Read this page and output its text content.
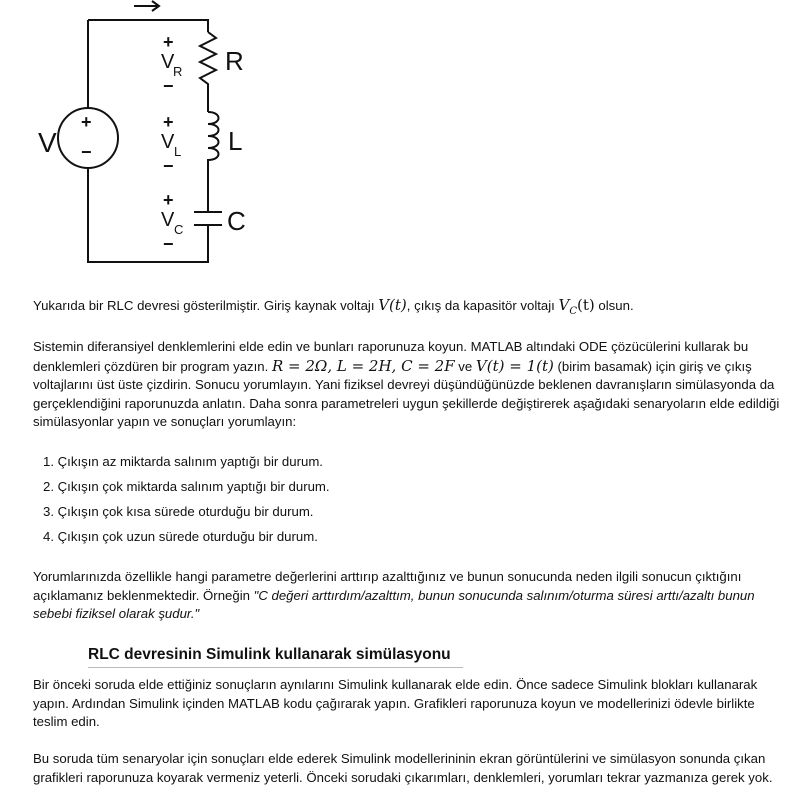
V
+
−
R
L
C
+
V
R
−
+
V L
−
+
V C
−

Yukarıda bir RLC devresi gösterilmiştir. Giriş kaynak voltajı V(t), çıkış da kapasitör voltajı $V_C(t)$ olsun.

Sistemin diferansiyel denklemlerini elde edin ve bunları raporunuza koyun. MATLAB altındaki ODE çözücülerini kullarak bu denklemleri çözdüren bir program yazın. R = 2Ω, L = 2H, C = 2F ve V(t) = 1(t) (birim basamak) için giriş ve çıkış voltajlarını üst üste çizdirin. Sonucu yorumlayın. Yani fiziksel devreyi düşündüğünüzde beklenen davranışların simülasyonda da gerçeklendiğini raporunuzda anlatın. Daha sonra parametreleri uygun şekillerde değiştirerek aşağıdaki senaryoların elde edildiği simülasyonlar yapın ve sonuçları yorumlayın:

1. Çıkışın az miktarda salınım yaptığı bir durum.
2. Çıkışın çok miktarda salınım yaptığı bir durum.
3. Çıkışın çok kısa sürede oturduğu bir durum.
4. Çıkışın çok uzun sürede oturduğu bir durum.

Yorumlarınızda özellikle hangi parametre değerlerini arttırıp azalttığınız ve bunun sonucunda neden ilgili sonucun çıktığını açıklamanız beklenmektedir. Örneğin "C değeri arttırdım/azalttım, bunun sonucunda salınım/oturma süresi arttı/azaltı bunun sebebi fiziksel olarak şudur."

RLC devresinin Simulink kullanarak simülasyonu

Bir önceki soruda elde ettiğiniz sonuçların aynılarını Simulink kullanarak elde edin. Önce sadece Simulink blokları kullanarak yapın. Ardından Simulink içinden MATLAB kodu çağırarak yapın. Grafikleri raporunuza koyun ve modellerinizi ödevle birlikte teslim edin.

Bu soruda tüm senaryolar için sonuçları elde ederek Simulink modellerininin ekran görüntülerini ve simülasyon sonunda çıkan grafikleri raporunuza koyarak vermeniz yeterli. Önceki sorudaki çıkarımları, denklemleri, yorumları tekrar yazmanıza gerek yok.
